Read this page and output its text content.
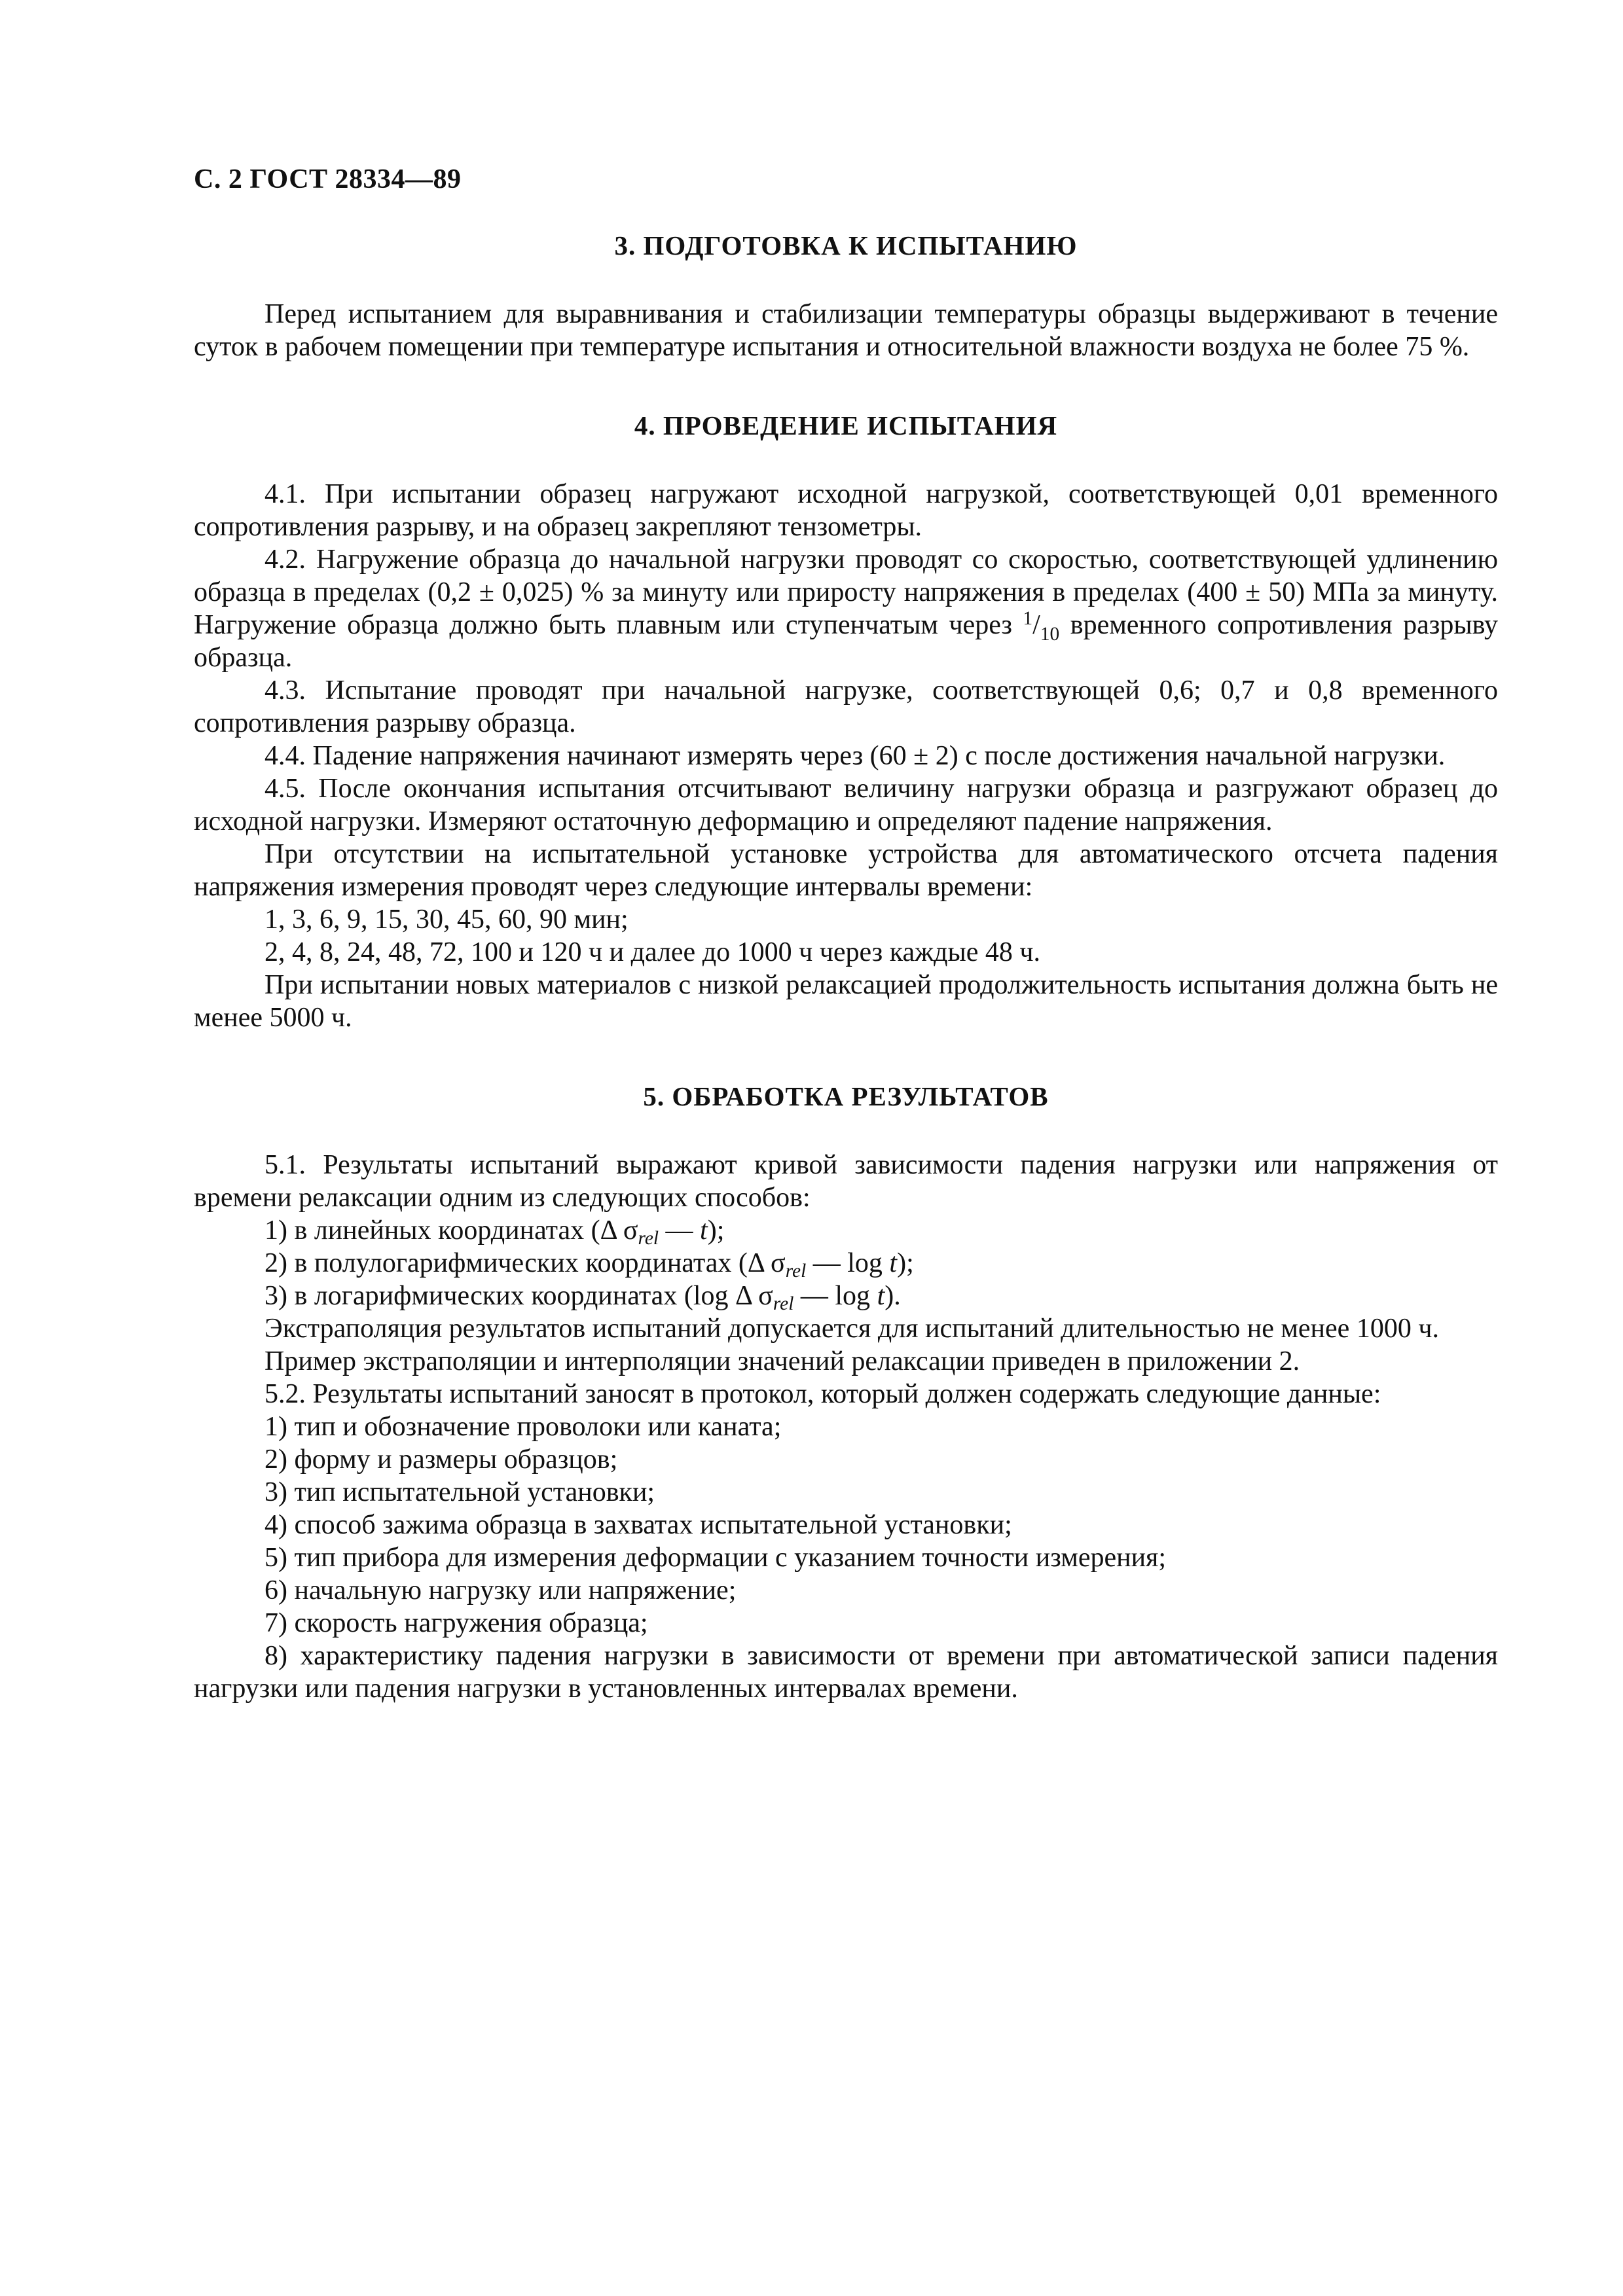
С. 2 ГОСТ 28334—89
3. ПОДГОТОВКА К ИСПЫТАНИЮ

Перед испытанием для выравнивания и стабилизации температуры образцы выдерживают в течение суток в рабочем помещении при температуре испытания и относительной влажности воздуха не более 75 %.

4. ПРОВЕДЕНИЕ ИСПЫТАНИЯ

4.1. При испытании образец нагружают исходной нагрузкой, соответствующей 0,01 временного сопротивления разрыву, и на образец закрепляют тензометры.

4.2. Нагружение образца до начальной нагрузки проводят со скоростью, соответствующей удлинению образца в пределах (0,2 ± 0,025) % за минуту или приросту напряжения в пределах (400 ± 50) МПа за минуту. Нагружение образца должно быть плавным или ступенчатым через $^1/_{10}$ временного сопротивления разрыву образца.

4.3. Испытание проводят при начальной нагрузке, соответствующей 0,6; 0,7 и 0,8 временного сопротивления разрыву образца.

4.4. Падение напряжения начинают измерять через (60 ± 2) с после достижения начальной нагрузки.

4.5. После окончания испытания отсчитывают величину нагрузки образца и разгружают образец до исходной нагрузки. Измеряют остаточную деформацию и определяют падение напряжения.

При отсутствии на испытательной установке устройства для автоматического отсчета падения напряжения измерения проводят через следующие интервалы времени:

1, 3, 6, 9, 15, 30, 45, 60, 90 мин;

2, 4, 8, 24, 48, 72, 100 и 120 ч и далее до 1000 ч через каждые 48 ч.

При испытании новых материалов с низкой релаксацией продолжительность испытания должна быть не менее 5000 ч.

5. ОБРАБОТКА РЕЗУЛЬТАТОВ

5.1. Результаты испытаний выражают кривой зависимости падения нагрузки или напряжения от времени релаксации одним из следующих способов:

1) в линейных координатах (Δ $\sigma_{rel}$ — t);

2) в полулогарифмических координатах (Δ $\sigma_{rel}$ — log t);

3) в логарифмических координатах (log Δ $\sigma_{rel}$ — log t).

Экстраполяция результатов испытаний допускается для испытаний длительностью не менее 1000 ч.

Пример экстраполяции и интерполяции значений релаксации приведен в приложении 2.

5.2. Результаты испытаний заносят в протокол, который должен содержать следующие данные:

1) тип и обозначение проволоки или каната;

2) форму и размеры образцов;

3) тип испытательной установки;

4) способ зажима образца в захватах испытательной установки;

5) тип прибора для измерения деформации с указанием точности измерения;

6) начальную нагрузку или напряжение;

7) скорость нагружения образца;

8) характеристику падения нагрузки в зависимости от времени при автоматической записи падения нагрузки или падения нагрузки в установленных интервалах времени.
